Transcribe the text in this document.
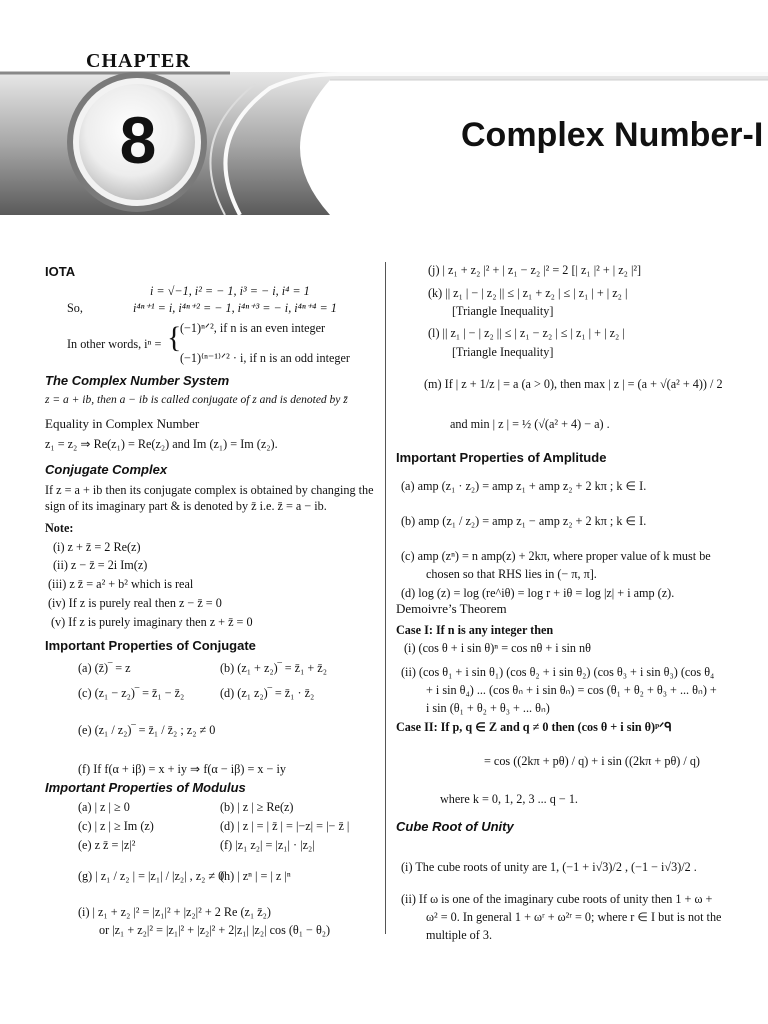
CHAPTER
8	Complex Number-I
IOTA
i = √−1, i² = − 1, i³ = − i, i⁴ = 1
So,	i⁴ⁿ⁺¹ = i, i⁴ⁿ⁺² = − 1, i⁴ⁿ⁺³ = − i, i⁴ⁿ⁺⁴ = 1
In other words, iⁿ = {
(−1)ⁿᐟ², if n is an even integer
(−1)⁽ⁿ⁻¹⁾ᐟ² · i, if n is an odd integer
The Complex Number System
z = a + ib, then a − ib is called conjugate of z and is denoted by z̄
Equality in Complex Number
z₁ = z₂ ⇒ Re(z₁) = Re(z₂) and Im (z₁) = Im (z₂).
Conjugate Complex
If z = a + ib then its conjugate complex is obtained by changing the sign of its imaginary part & is denoted by z̄ i.e. z̄ = a − ib.
Note:
(i) z + z̄ = 2 Re(z)
(ii) z − z̄ = 2i Im(z)
(iii) z z̄ = a² + b² which is real
(iv) If z is purely real then z − z̄ = 0
(v) If z is purely imaginary then z + z̄ = 0
Important Properties of Conjugate
(a) (z̄)‾ = z	(b) (z₁ + z₂)‾ = z̄₁ + z̄₂
(c) (z₁ − z₂)‾ = z̄₁ − z̄₂	(d) (z₁ z₂)‾ = z̄₁ · z̄₂
(e) (z₁ / z₂)‾ = z̄₁ / z̄₂ ; z₂ ≠ 0
(f) If f(α + iβ) = x + iy ⇒ f(α − iβ) = x − iy
Important Properties of Modulus
(a) | z | ≥ 0	(b) | z | ≥ Re(z)
(c) | z | ≥ Im (z)	(d) | z | = | z̄ | = |−z| = |− z̄ |
(e) z z̄ = |z|²	(f) |z₁ z₂| = |z₁| · |z₂|
(g) | z₁ / z₂ | = |z₁| / |z₂| , z₂ ≠ 0
(h) | zⁿ | = | z |ⁿ
(i) | z₁ + z₂ |² = |z₁|² + |z₂|² + 2 Re (z₁ z̄₂)
or |z₁ + z₂|² = |z₁|² + |z₂|² + 2|z₁| |z₂| cos (θ₁ − θ₂)
(j) | z₁ + z₂ |² + | z₁ − z₂ |² = 2 [| z₁ |² + | z₂ |²]
(k) || z₁ | − | z₂ || ≤ | z₁ + z₂ | ≤ | z₁ | + | z₂ |
[Triangle Inequality]
(l) || z₁ | − | z₂ || ≤ | z₁ − z₂ | ≤ | z₁ | + | z₂ |
[Triangle Inequality]
(m) If | z + 1/z | = a (a > 0), then max | z | = (a + √(a² + 4)) / 2
and min | z | = ½ (√(a² + 4) − a) .
Important Properties of Amplitude
(a) amp (z₁ · z₂) = amp z₁ + amp z₂ + 2 kπ ; k ∈ I.
(b) amp (z₁ / z₂) = amp z₁ − amp z₂ + 2 kπ ; k ∈ I.
(c) amp (zⁿ) = n amp(z) + 2kπ, where proper value of k must be
chosen so that RHS lies in (− π, π].
(d) log (z) = log (re^iθ) = log r + iθ = log |z| + i amp (z).
Demoivre’s Theorem
Case I: If n is any integer then
(i) (cos θ + i sin θ)ⁿ = cos nθ + i sin nθ
(ii) (cos θ₁ + i sin θ₁) (cos θ₂ + i sin θ₂) (cos θ₃ + i sin θ₃) (cos θ₄
+ i sin θ₄) ... (cos θₙ + i sin θₙ) = cos (θ₁ + θ₂ + θ₃ + ... θₙ) +
i sin (θ₁ + θ₂ + θ₃ + ... θₙ)
Case II: If p, q ∈ Z and q ≠ 0 then (cos θ + i sin θ)ᵖᐟᑫ
= cos ((2kπ + pθ) / q) + i sin ((2kπ + pθ) / q)
where k = 0, 1, 2, 3 ... q − 1.
Cube Root of Unity
(i) The cube roots of unity are 1, (−1 + i√3)/2 , (−1 − i√3)/2 .
(ii) If ω is one of the imaginary cube roots of unity then 1 + ω +
ω² = 0. In general 1 + ωʳ + ω²ʳ = 0; where r ∈ I but is not the
multiple of 3.
